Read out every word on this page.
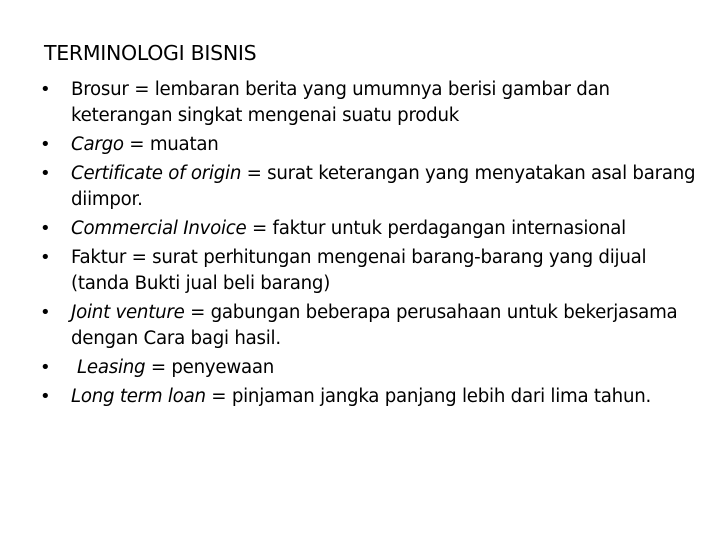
TERMINOLOGI BISNIS
• Brosur = lembaran berita yang umumnya berisi gambar dan keterangan singkat mengenai suatu produk
• Cargo = muatan
• Certificate of origin = surat keterangan yang menyatakan asal barang diimpor.
• Commercial Invoice = faktur untuk perdagangan internasional
• Faktur = surat perhitungan mengenai barang-barang yang dijual (tanda Bukti jual beli barang)
• Joint venture = gabungan beberapa perusahaan untuk bekerjasama dengan Cara bagi hasil.
• Leasing = penyewaan
• Long term loan = pinjaman jangka panjang lebih dari lima tahun.
